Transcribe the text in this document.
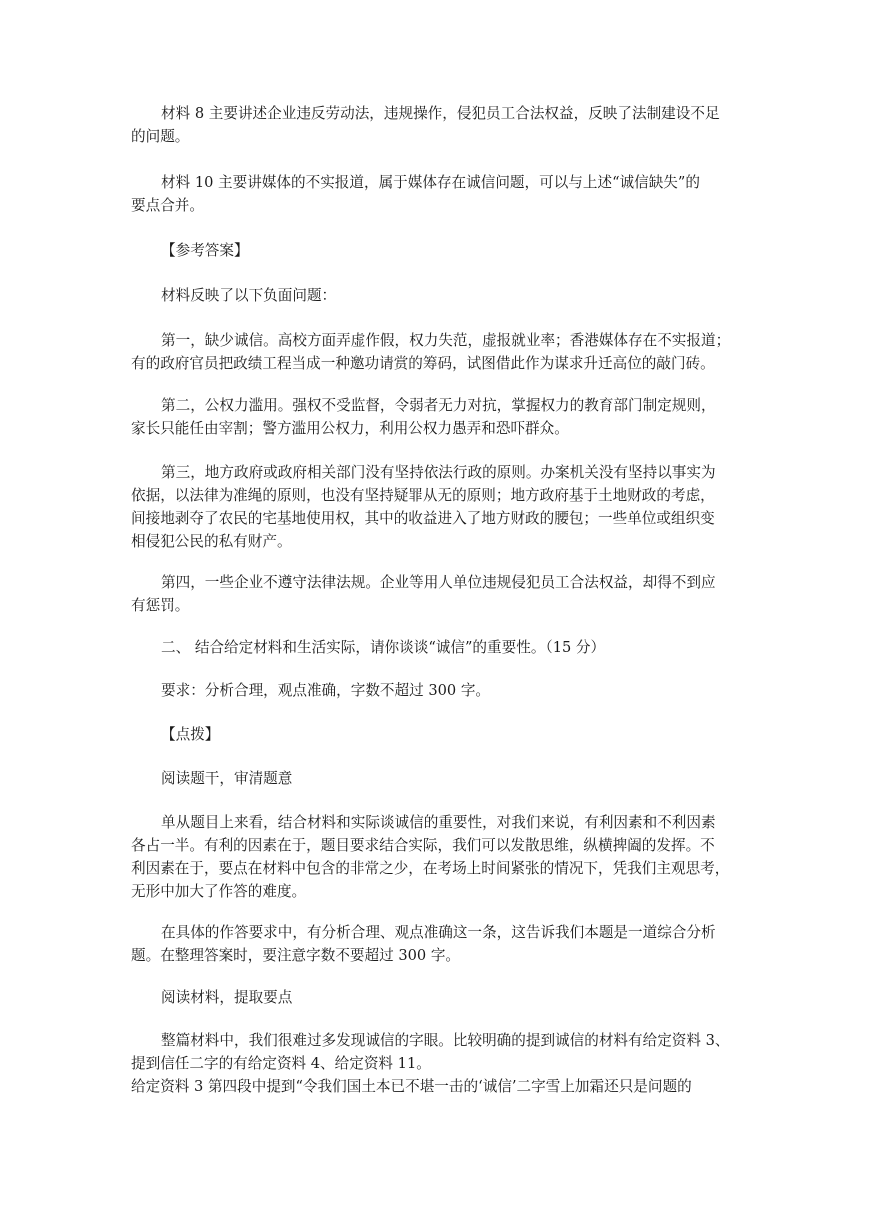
材料 8 主要讲述企业违反劳动法，违规操作，侵犯员工合法权益，反映了法制建设不足
的问题。
材料 10 主要讲媒体的不实报道，属于媒体存在诚信问题，可以与上述“诚信缺失”的
要点合并。
【参考答案】
材料反映了以下负面问题：
第一，缺少诚信。高校方面弄虚作假，权力失范，虚报就业率；香港媒体存在不实报道；
有的政府官员把政绩工程当成一种邀功请赏的筹码，试图借此作为谋求升迁高位的敲门砖。
第二，公权力滥用。强权不受监督，令弱者无力对抗，掌握权力的教育部门制定规则，
家长只能任由宰割；警方滥用公权力，利用公权力愚弄和恐吓群众。
第三，地方政府或政府相关部门没有坚持依法行政的原则。办案机关没有坚持以事实为
依据，以法律为准绳的原则，也没有坚持疑罪从无的原则；地方政府基于土地财政的考虑，
间接地剥夺了农民的宅基地使用权，其中的收益进入了地方财政的腰包；一些单位或组织变
相侵犯公民的私有财产。
第四，一些企业不遵守法律法规。企业等用人单位违规侵犯员工合法权益，却得不到应
有惩罚。
二、 结合给定材料和生活实际，请你谈谈“诚信”的重要性。（15 分）
要求：分析合理，观点准确，字数不超过 300 字。
【点拨】
阅读题干，审清题意
单从题目上来看，结合材料和实际谈诚信的重要性，对我们来说，有利因素和不利因素
各占一半。有利的因素在于，题目要求结合实际，我们可以发散思维，纵横捭阖的发挥。不
利因素在于，要点在材料中包含的非常之少，在考场上时间紧张的情况下，凭我们主观思考，
无形中加大了作答的难度。
在具体的作答要求中，有分析合理、观点准确这一条，这告诉我们本题是一道综合分析
题。在整理答案时，要注意字数不要超过 300 字。
阅读材料，提取要点
整篇材料中，我们很难过多发现诚信的字眼。比较明确的提到诚信的材料有给定资料 3、
提到信任二字的有给定资料 4、给定资料 11。
给定资料 3 第四段中提到“令我们国土本已不堪一击的‘诚信’二字雪上加霜还只是问题的
